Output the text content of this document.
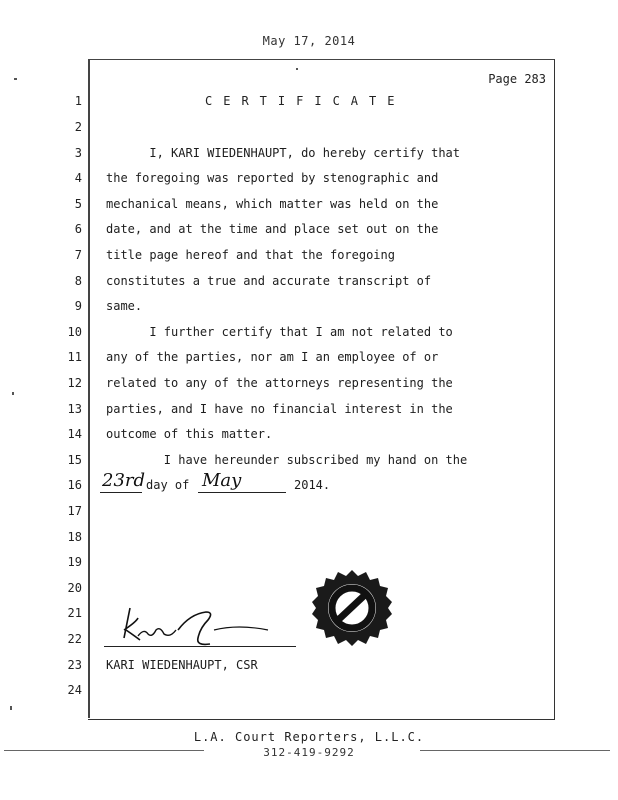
May 17, 2014
Page 283
CERTIFICATE
1
2
3
4
5
6
7
8
9
10
11
12
13
14
15
16
17
18
19
20
21
22
23
24
I, KARI WIEDENHAUPT, do hereby certify that
the foregoing was reported by stenographic and
mechanical means, which matter was held on the
date, and at the time and place set out on the
title page hereof and that the foregoing
constitutes a true and accurate transcript of
same.
I further certify that I am not related to
any of the parties, nor am I an employee of or
related to any of the attorneys representing the
parties, and I have no financial interest in the
outcome of this matter.
I have hereunder subscribed my hand on the
23rd day of May	2014.
KARI WIEDENHAUPT, CSR
L.A. Court Reporters, L.L.C.
312-419-9292
